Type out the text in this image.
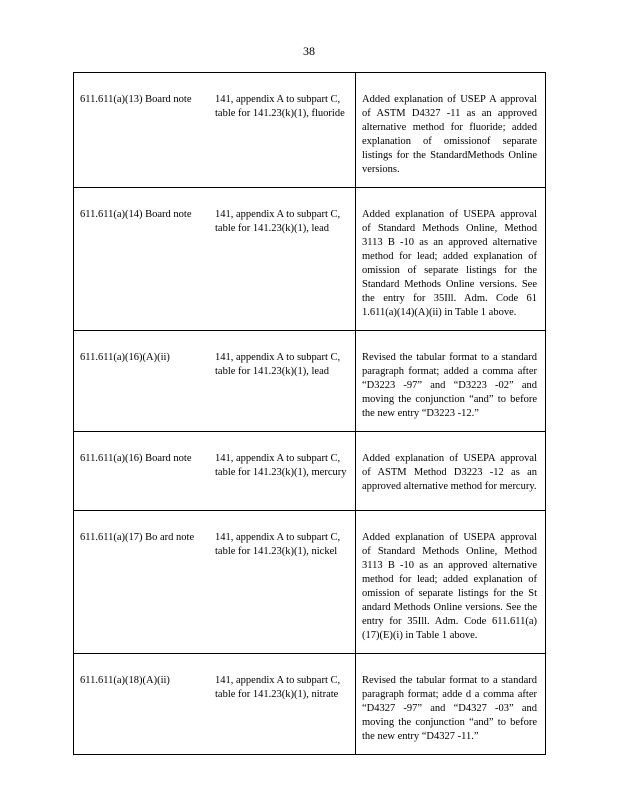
38
611.611(a)(13) Board note	141, appendix A to subpart C, table for 141.23(k)(1), fluoride	Added explanation of USEP A approval of ASTM D4327 -11 as an approved alternative method for fluoride; added explanation of omissionof separate listings for the StandardMethods Online versions.

611.611(a)(14) Board note	141, appendix A to subpart C, table for 141.23(k)(1), lead	Added explanation of USEPA approval of Standard Methods Online, Method 3113 B -10 as an approved alternative method for lead; added explanation of omission of separate listings for the Standard Methods Online versions. See the entry for 35Ill. Adm. Code 61 1.611(a)(14)(A)(ii) in Table 1 above.

611.611(a)(16)(A)(ii)	141, appendix A to subpart C, table for 141.23(k)(1), lead	Revised the tabular format to a standard paragraph format; added a comma after “D3223 -97” and “D3223 -02” and moving the conjunction “and” to before the new entry “D3223 -12.”

611.611(a)(16) Board note	141, appendix A to subpart C, table for 141.23(k)(1), mercury	Added explanation of USEPA approval of ASTM Method D3223 -12 as an approved alternative method for mercury.

611.611(a)(17) Bo ard note	141, appendix A to subpart C, table for 141.23(k)(1), nickel	Added explanation of USEPA approval of Standard Methods Online, Method 3113 B -10 as an approved alternative method for lead; added explanation of omission of separate listings for the St andard Methods Online versions. See the entry for 35Ill. Adm. Code 611.611(a)(17)(E)(i) in Table 1 above.

611.611(a)(18)(A)(ii)	141, appendix A to subpart C, table for 141.23(k)(1), nitrate	Revised the tabular format to a standard paragraph format; adde d a comma after “D4327 -97” and “D4327 -03” and moving the conjunction “and” to before the new entry “D4327 -11.”
